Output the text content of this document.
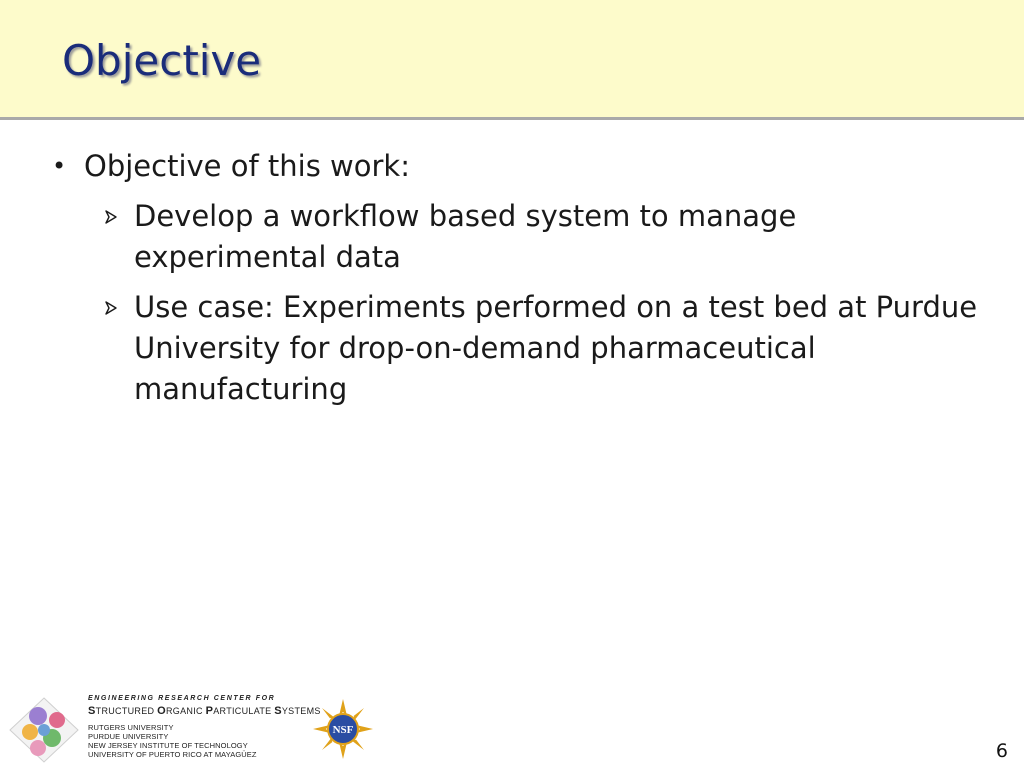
Objective
• Objective of this work:
Develop a workflow based system to manage experimental data
Use case: Experiments performed on a test bed at Purdue University for drop-on-demand pharmaceutical manufacturing
ENGINEERING RESEARCH CENTER FOR
STRUCTURED ORGANIC PARTICULATE SYSTEMS
RUTGERS UNIVERSITY
PURDUE UNIVERSITY
NEW JERSEY INSTITUTE OF TECHNOLOGY
UNIVERSITY OF PUERTO RICO AT MAYAGÜEZ
NSF
6
